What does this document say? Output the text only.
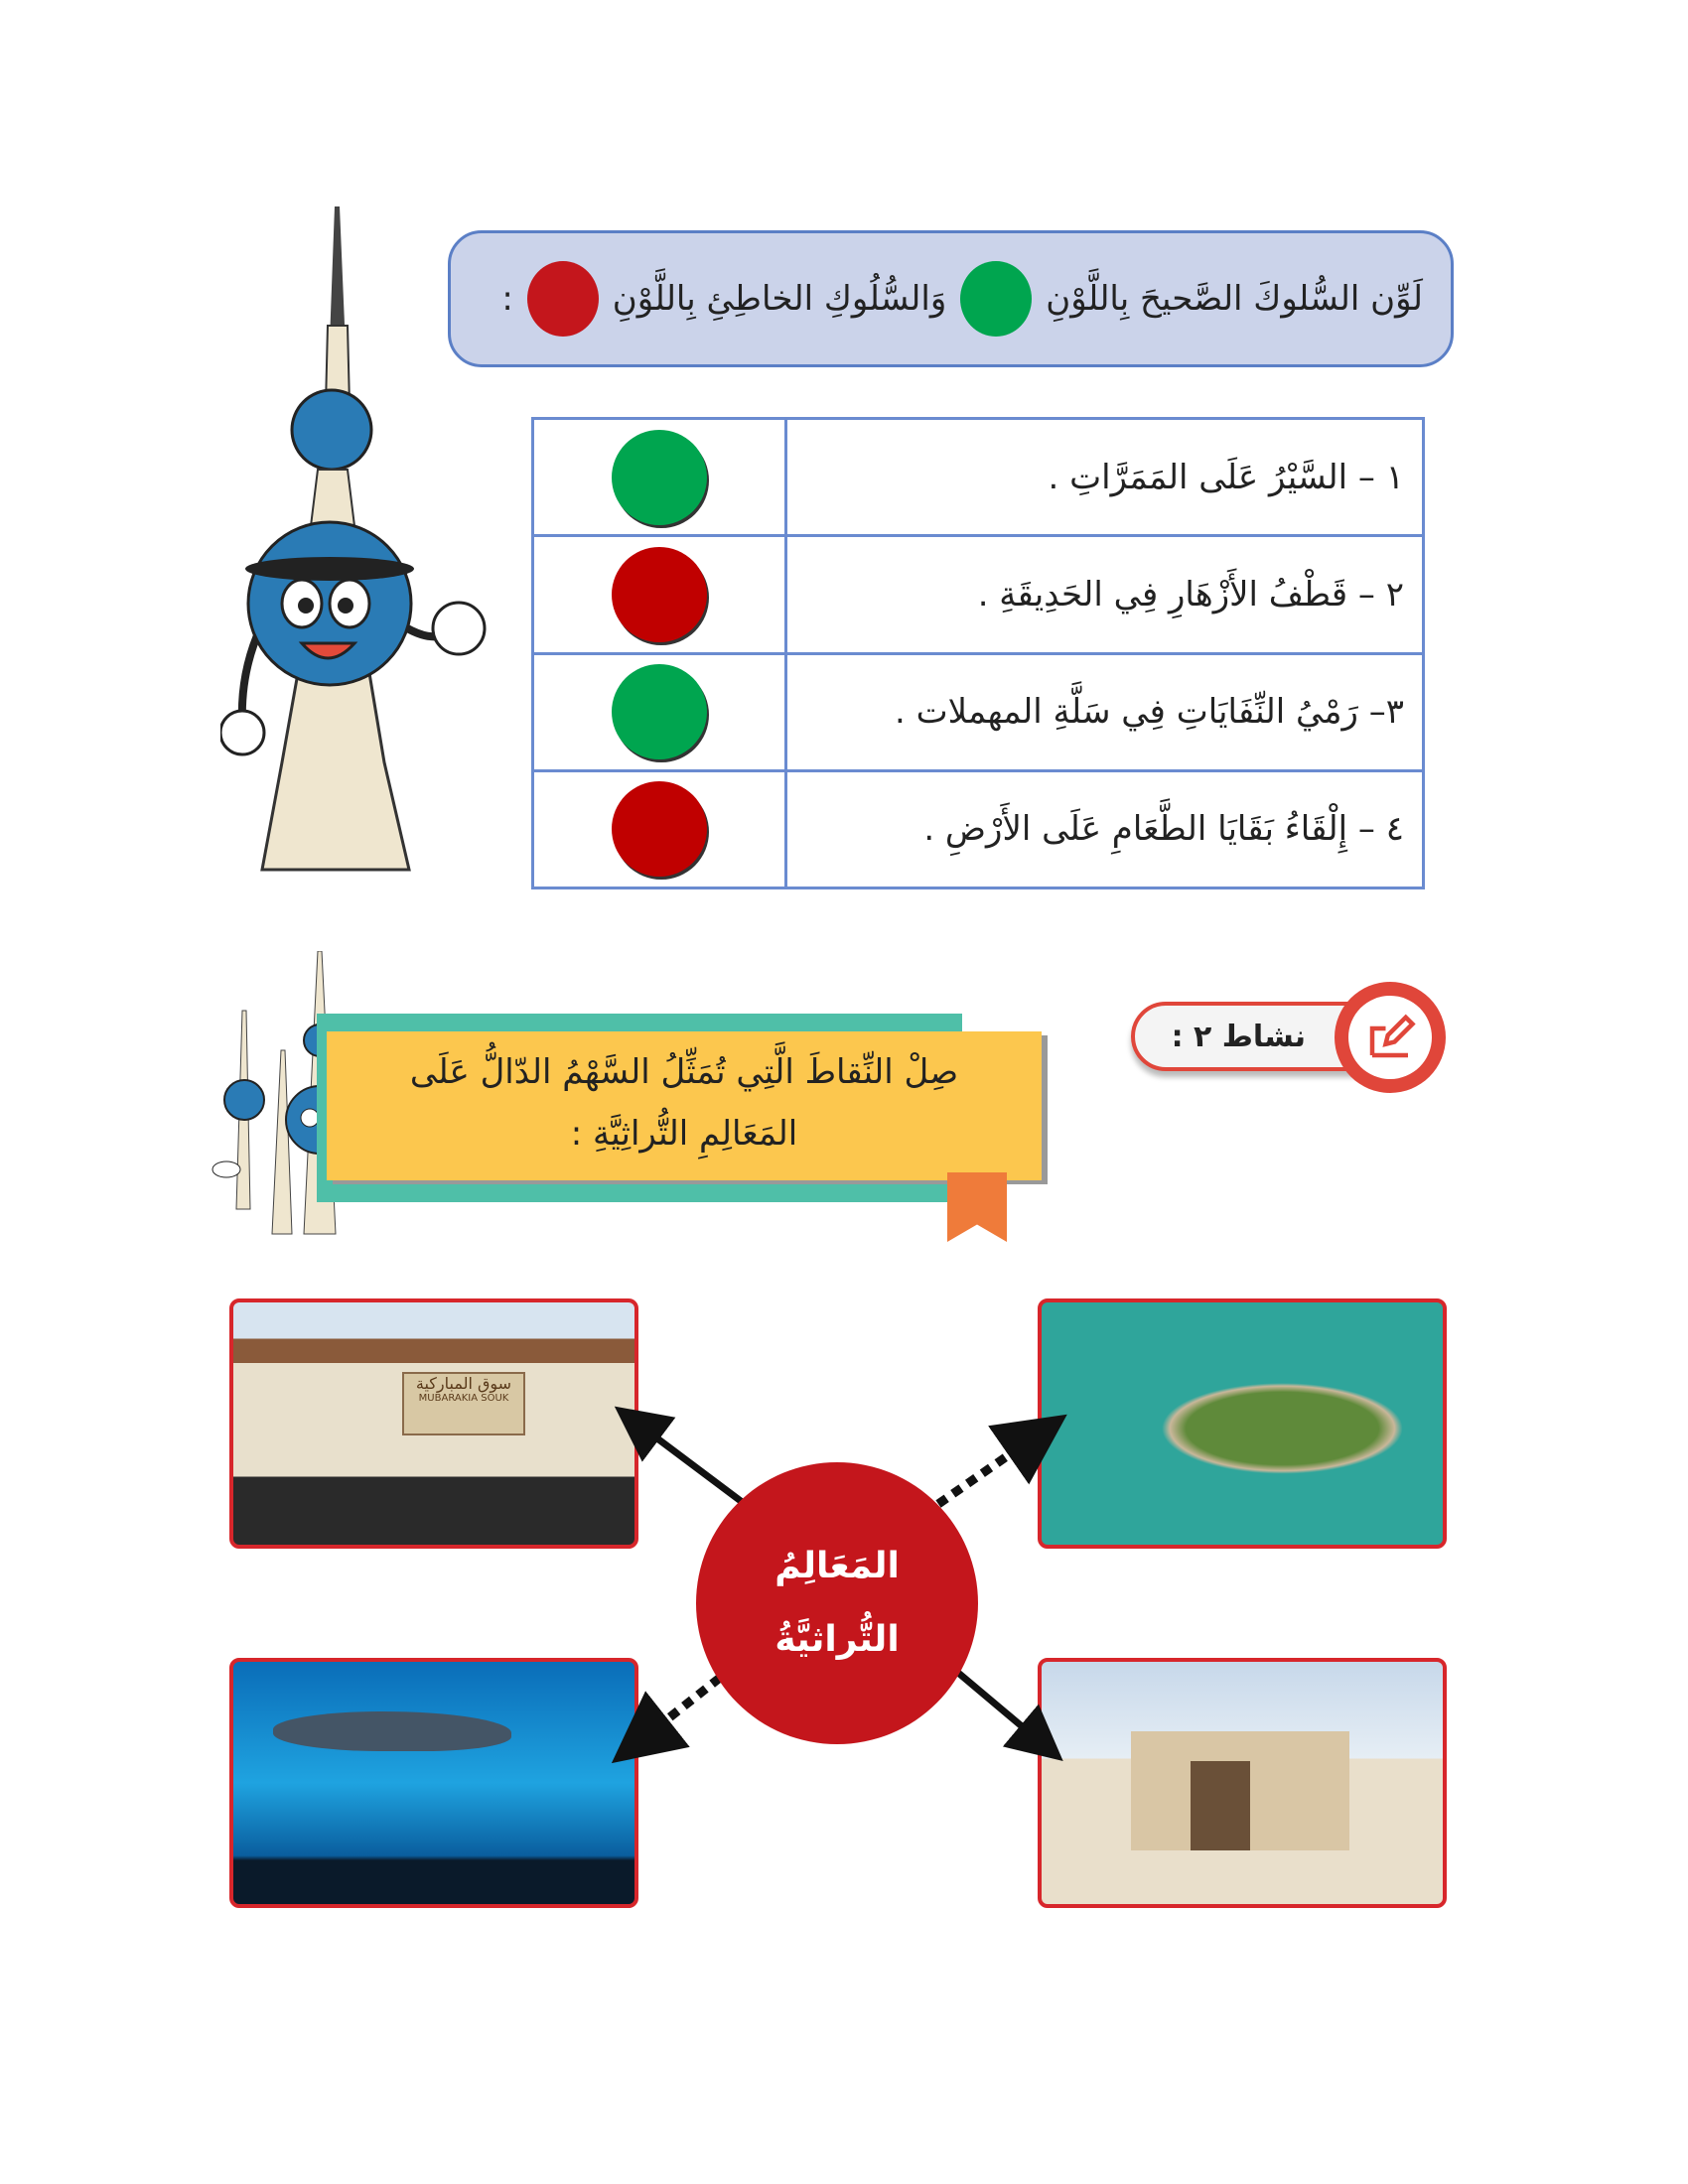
لَوِّن السُّلوكَ الصَّحيحَ بِاللَّوْنِ
وَالسُّلُوكِ الخاطِئِ بِاللَّوْنِ
:
١ – السَّيْرُ عَلَى المَمَرَّاتِ .	
٢ – قَطْفُ الأَزْهَارِ فِي الحَدِيقَةِ .	
٣– رَمْيُ النِّفَايَاتِ فِي سَلَّةِ المهملات .	
٤ – إِلْقَاءُ بَقَايَا الطَّعَامِ عَلَى الأَرْضِ .	
نشاط ٢ :
صِلْ النِّقاطَ الَّتِي تُمَثِّلُ السَّهْمُ الدّالُّ عَلَى
المَعَالِمِ التُّراثِيَّةِ :
سوق المباركية
MUBARAKIA SOUK
المَعَالِمُ
التُّراثيَّةُ
